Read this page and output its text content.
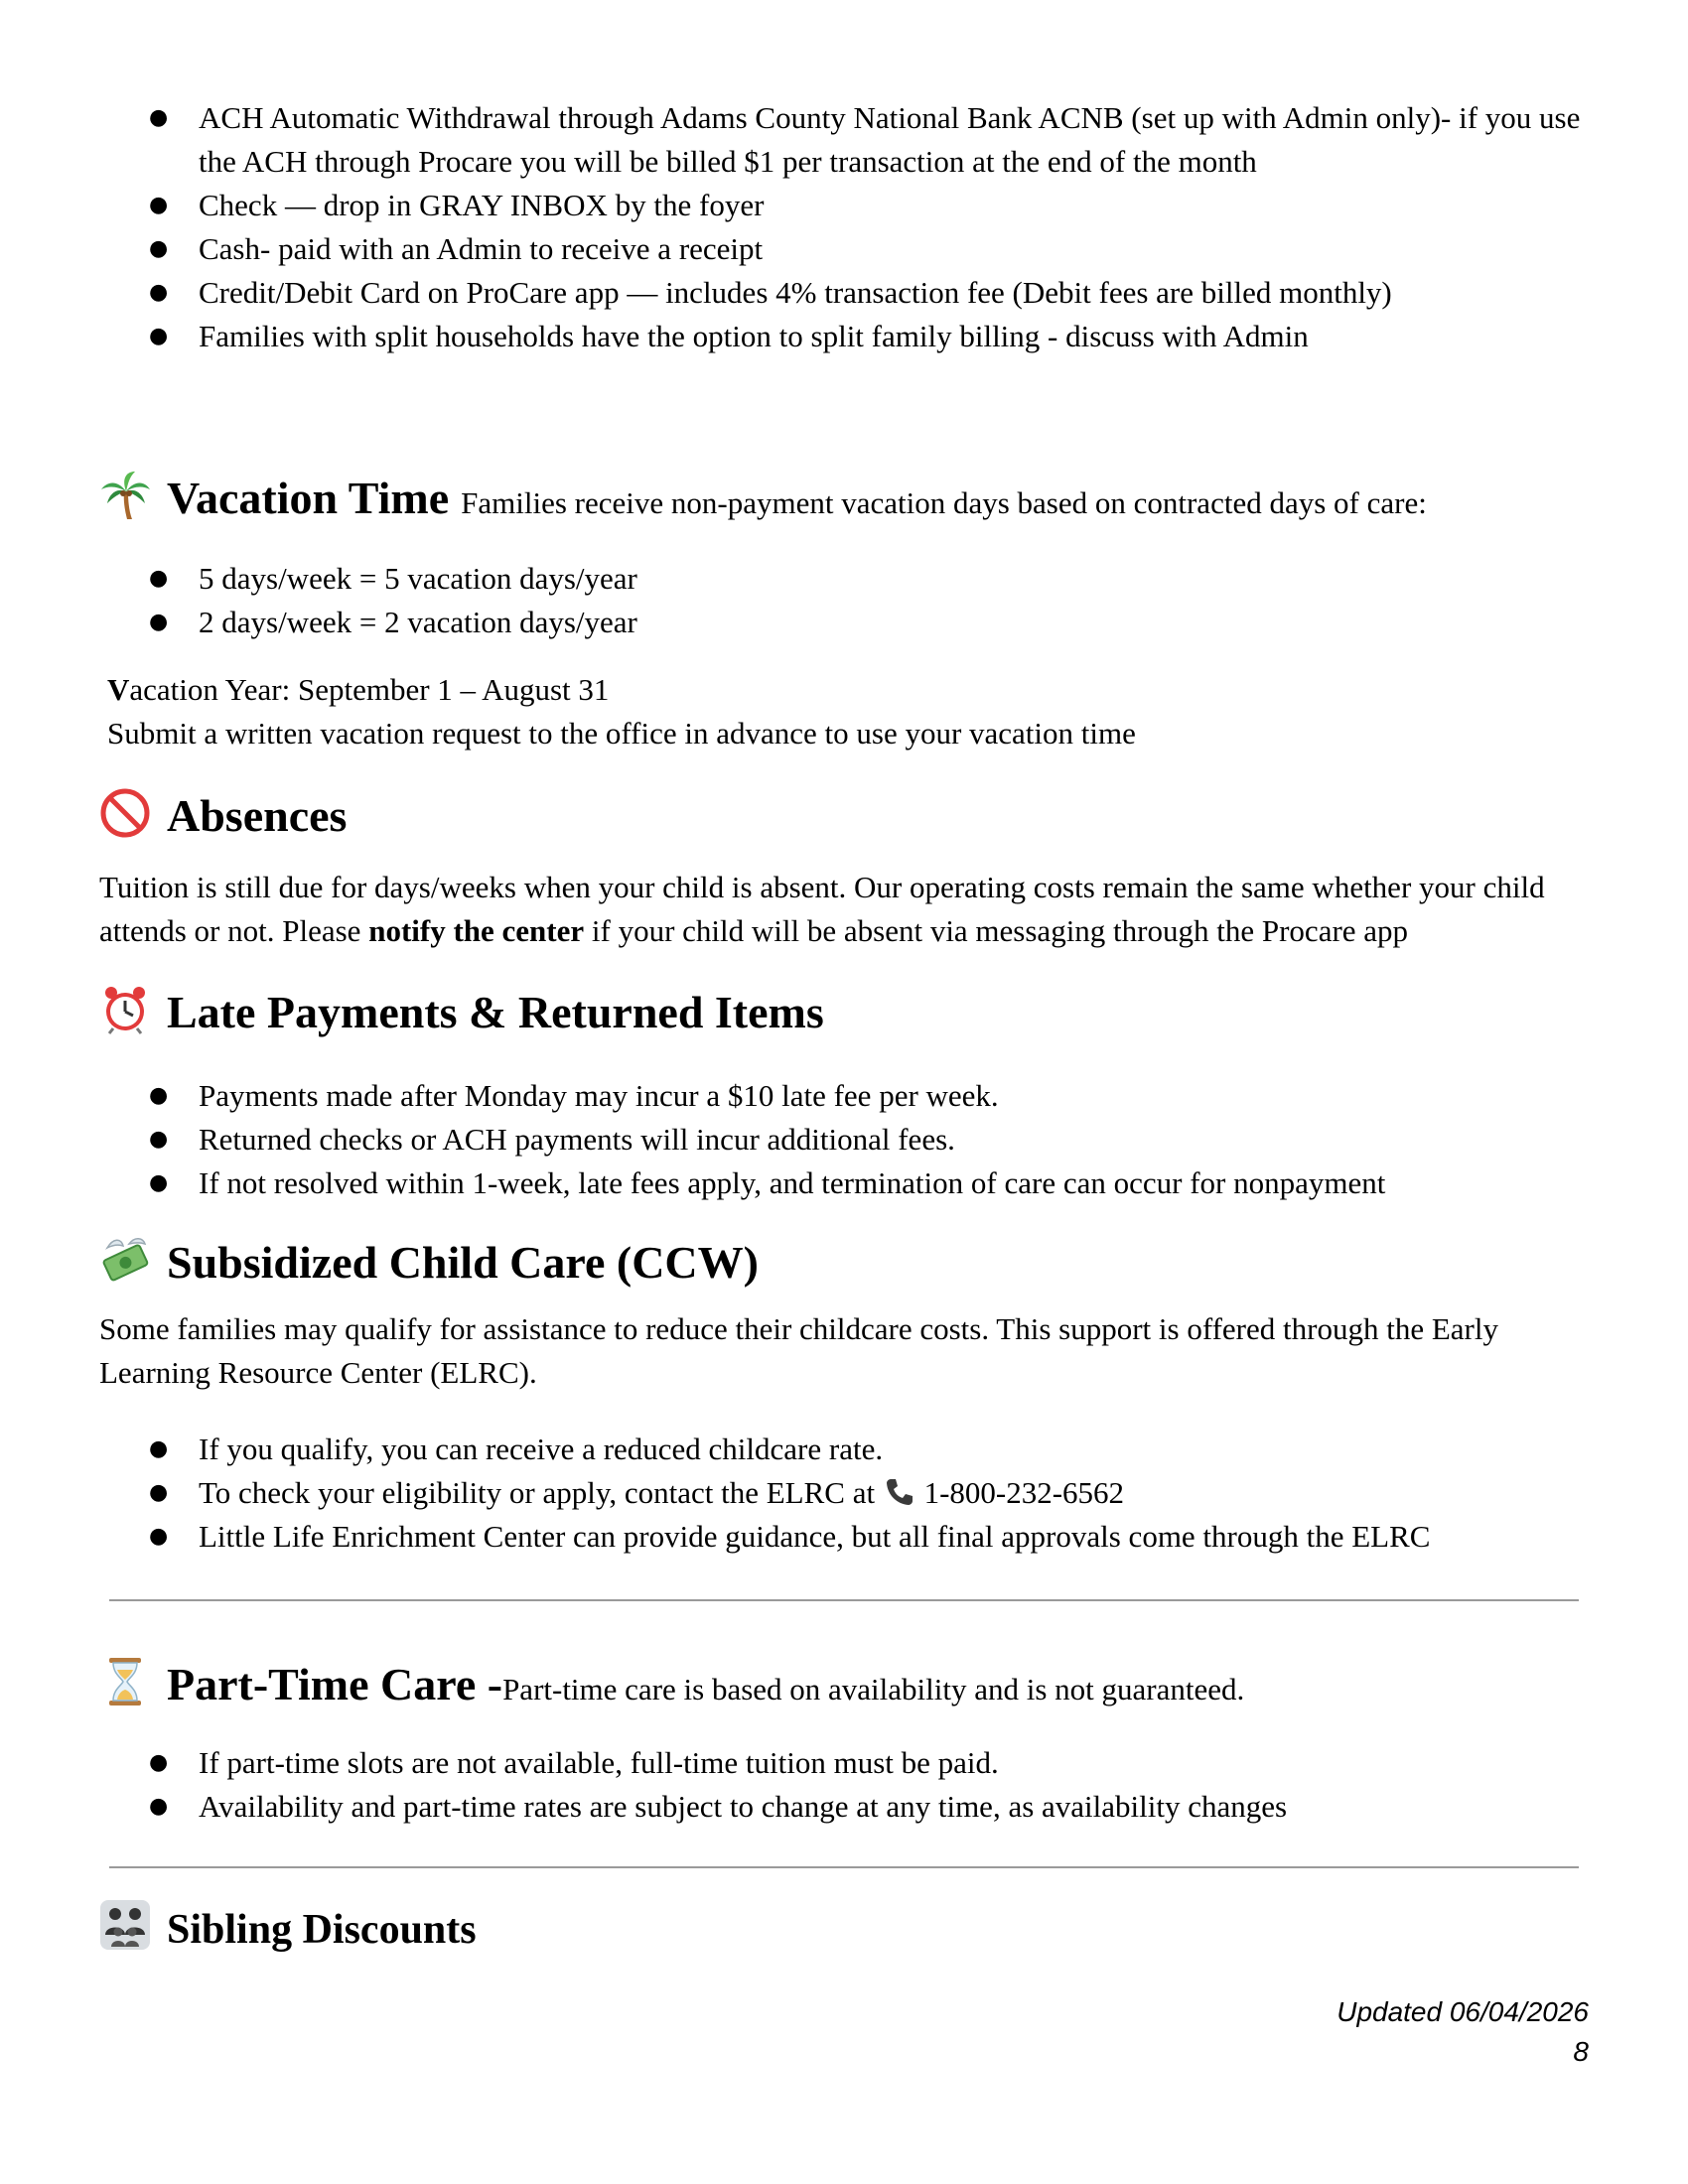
● ACH Automatic Withdrawal through Adams County National Bank ACNB (set up with Admin only)- if you use the ACH through Procare you will be billed $1 per transaction at the end of the month
● Check — drop in GRAY INBOX by the foyer
● Cash- paid with an Admin to receive a receipt
● Credit/Debit Card on ProCare app — includes 4% transaction fee (Debit fees are billed monthly)
● Families with split households have the option to split family billing - discuss with Admin
Vacation Time Families receive non-payment vacation days based on contracted days of care:
● 5 days/week = 5 vacation days/year
● 2 days/week = 2 vacation days/year
Vacation Year: September 1 – August 31
Submit a written vacation request to the office in advance to use your vacation time
Absences
Tuition is still due for days/weeks when your child is absent. Our operating costs remain the same whether your child attends or not. Please notify the center if your child will be absent via messaging through the Procare app
Late Payments & Returned Items
● Payments made after Monday may incur a $10 late fee per week.
● Returned checks or ACH payments will incur additional fees.
● If not resolved within 1-week, late fees apply, and termination of care can occur for nonpayment
Subsidized Child Care (CCW)
Some families may qualify for assistance to reduce their childcare costs. This support is offered through the Early Learning Resource Center (ELRC).
● If you qualify, you can receive a reduced childcare rate.
● To check your eligibility or apply, contact the ELRC at 1-800-232-6562
● Little Life Enrichment Center can provide guidance, but all final approvals come through the ELRC
Part-Time Care - Part-time care is based on availability and is not guaranteed.
● If part-time slots are not available, full-time tuition must be paid.
● Availability and part-time rates are subject to change at any time, as availability changes
Sibling Discounts
Updated 06/04/2026
8
